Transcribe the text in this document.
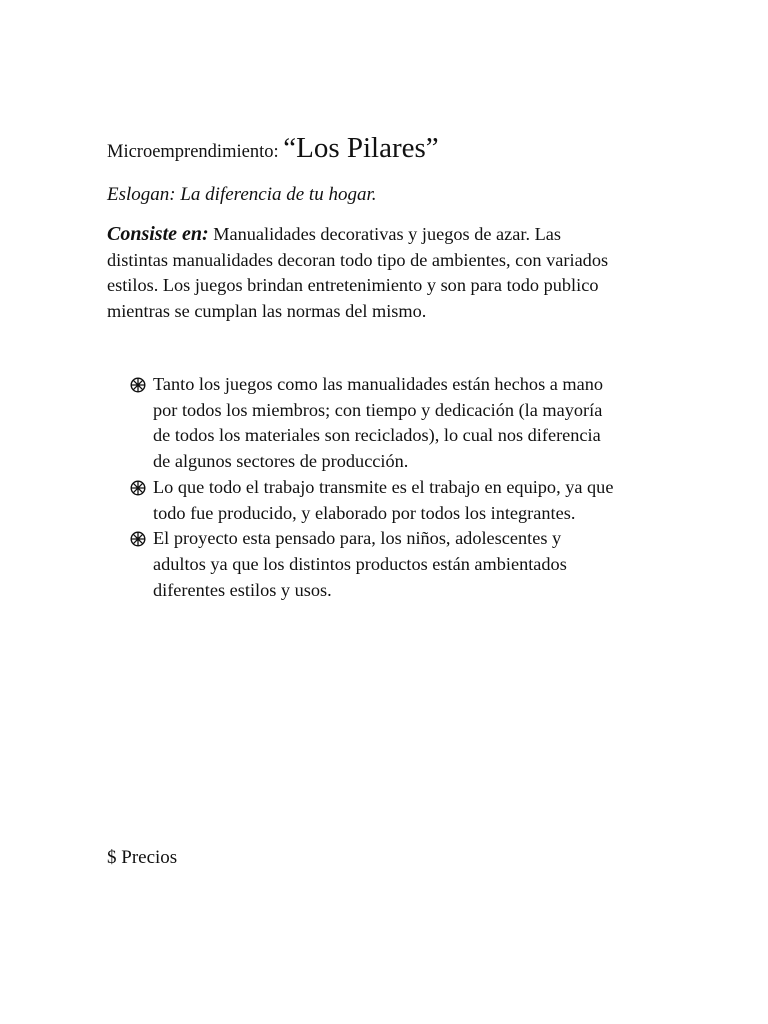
Microemprendimiento: “Los Pilares”
Eslogan: La diferencia de tu hogar.
Consiste en: Manualidades decorativas y juegos de azar. Las
distintas manualidades decoran todo tipo de ambientes, con variados
estilos. Los juegos brindan entretenimiento y son para todo publico
mientras se cumplan las normas del mismo.
Tanto los juegos como las manualidades están hechos a mano
por todos los miembros; con tiempo y dedicación (la mayoría
de todos los materiales son reciclados), lo cual nos diferencia
de algunos sectores de producción.
Lo que todo el trabajo transmite es el trabajo en equipo, ya que
todo fue producido, y elaborado por todos los integrantes.
El proyecto esta pensado para, los niños, adolescentes y
adultos ya que los distintos productos están ambientados
diferentes estilos y usos.
$ Precios
